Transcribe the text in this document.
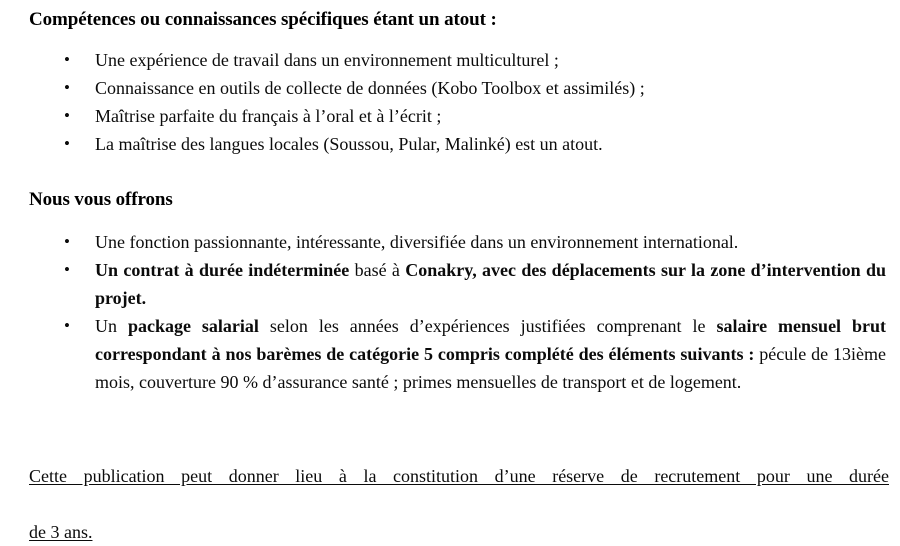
Compétences ou connaissances spécifiques étant un atout :
•	Une expérience de travail dans un environnement multiculturel ;
•	Connaissance en outils de collecte de données (Kobo Toolbox et assimilés) ;
•	Maîtrise parfaite du français à l’oral et à l’écrit ;
•	La maîtrise des langues locales (Soussou, Pular, Malinké) est un atout.
Nous vous offrons
•	Une fonction passionnante, intéressante, diversifiée dans un environnement international.
•	Un contrat à durée indéterminée basé à Conakry, avec des déplacements sur la zone d’intervention du projet.
•	Un package salarial selon les années d’expériences justifiées comprenant le salaire mensuel brut correspondant à nos barèmes de catégorie 5 compris complété des éléments suivants : pécule de 13ième mois, couverture 90 % d’assurance santé ; primes mensuelles de transport et de logement.

Cette publication peut donner lieu à la constitution d’une réserve de recrutement pour une durée
de 3 ans.
